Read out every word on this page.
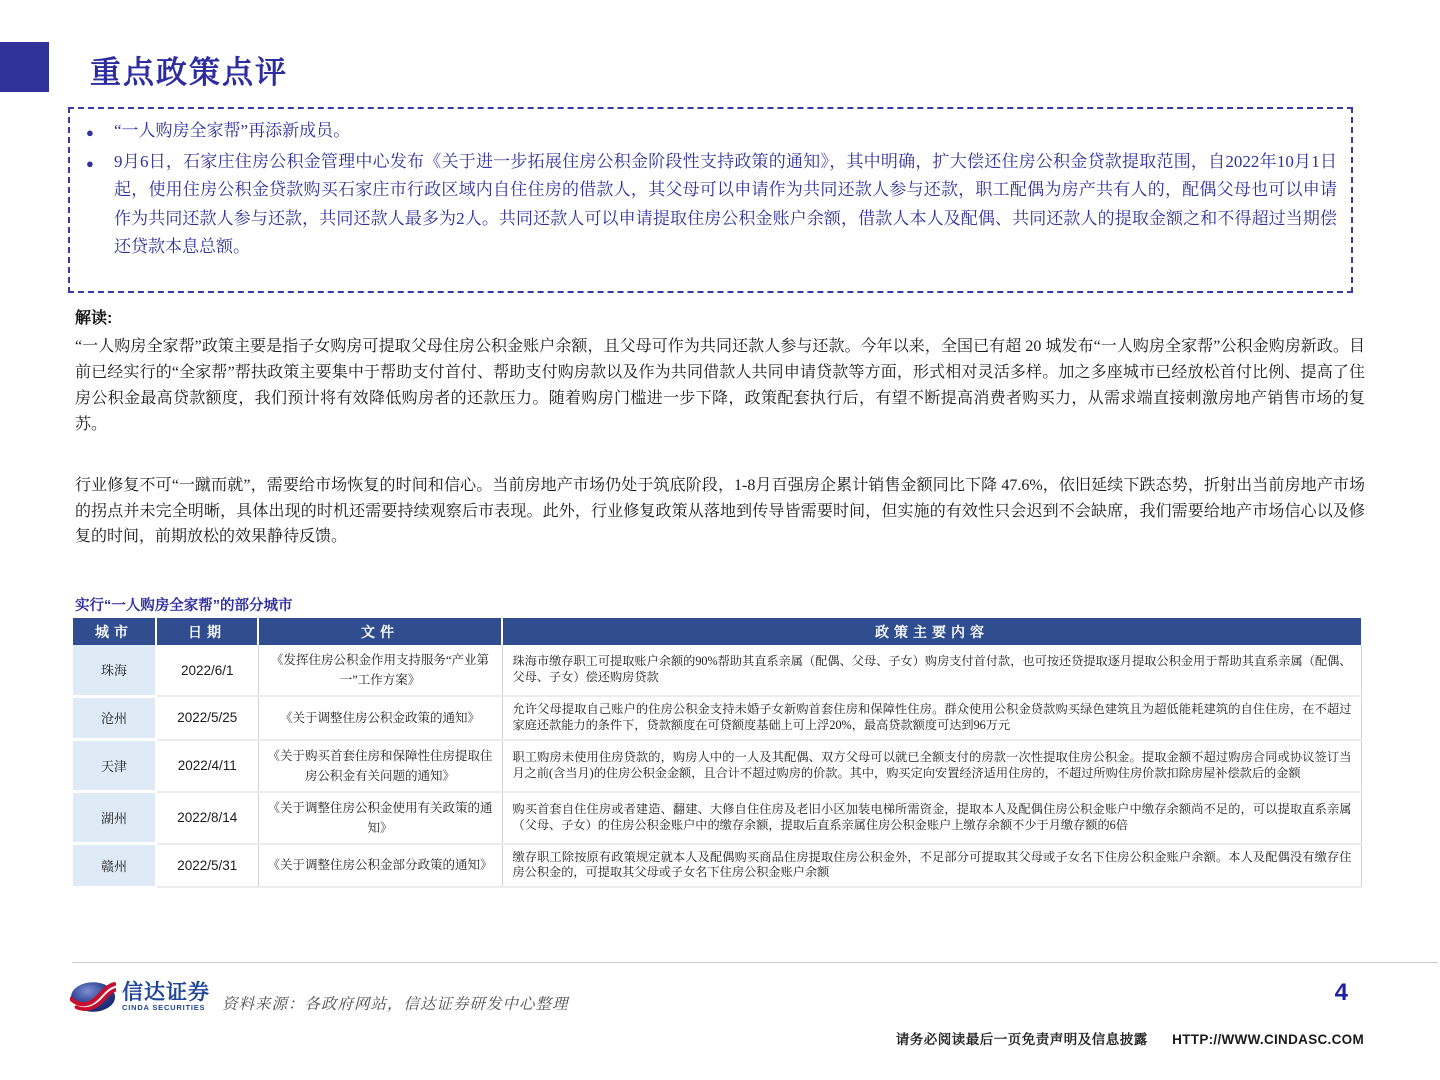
重点政策点评
●	“一人购房全家帮”再添新成员。
●	9月6日，石家庄住房公积金管理中心发布《关于进一步拓展住房公积金阶段性支持政策的通知》，其中明确，扩大偿还住房公积金贷款提取范围，自2022年10月1日起，使用住房公积金贷款购买石家庄市行政区域内自住住房的借款人，其父母可以申请作为共同还款人参与还款，职工配偶为房产共有人的，配偶父母也可以申请作为共同还款人参与还款，共同还款人最多为2人。共同还款人可以申请提取住房公积金账户余额，借款人本人及配偶、共同还款人的提取金额之和不得超过当期偿还贷款本息总额。
解读:
“一人购房全家帮”政策主要是指子女购房可提取父母住房公积金账户余额，且父母可作为共同还款人参与还款。今年以来，全国已有超 20 城发布“一人购房全家帮”公积金购房新政。目前已经实行的“全家帮”帮扶政策主要集中于帮助支付首付、帮助支付购房款以及作为共同借款人共同申请贷款等方面，形式相对灵活多样。加之多座城市已经放松首付比例、提高了住房公积金最高贷款额度，我们预计将有效降低购房者的还款压力。随着购房门槛进一步下降，政策配套执行后，有望不断提高消费者购买力，从需求端直接刺激房地产销售市场的复苏。
行业修复不可“一蹴而就”，需要给市场恢复的时间和信心。当前房地产市场仍处于筑底阶段，1-8月百强房企累计销售金额同比下降 47.6%，依旧延续下跌态势，折射出当前房地产市场的拐点并未完全明晰，具体出现的时机还需要持续观察后市表现。此外，行业修复政策从落地到传导皆需要时间，但实施的有效性只会迟到不会缺席，我们需要给地产市场信心以及修复的时间，前期放松的效果静待反馈。
实行“一人购房全家帮”的部分城市
城市	日期	文件	政策主要内容
珠海	2022/6/1	《发挥住房公积金作用支持服务“产业第一”工作方案》	珠海市缴存职工可提取账户余额的90%帮助其直系亲属（配偶、父母、子女）购房支付首付款，也可按还贷提取逐月提取公积金用于帮助其直系亲属（配偶、父母、子女）偿还购房贷款
沧州	2022/5/25	《关于调整住房公积金政策的通知》	允许父母提取自己账户的住房公积金支持未婚子女新购首套住房和保障性住房。群众使用公积金贷款购买绿色建筑且为超低能耗建筑的自住住房，在不超过家庭还款能力的条件下，贷款额度在可贷额度基础上可上浮20%，最高贷款额度可达到96万元
天津	2022/4/11	《关于购买首套住房和保障性住房提取住房公积金有关问题的通知》	职工购房未使用住房贷款的，购房人中的一人及其配偶、双方父母可以就已全额支付的房款一次性提取住房公积金。提取金额不超过购房合同或协议签订当月之前(含当月)的住房公积金金额，且合计不超过购房的价款。其中，购买定向安置经济适用住房的，不超过所购住房价款扣除房屋补偿款后的金额
湖州	2022/8/14	《关于调整住房公积金使用有关政策的通知》	购买首套自住住房或者建造、翻建、大修自住住房及老旧小区加装电梯所需资金，提取本人及配偶住房公积金账户中缴存余额尚不足的，可以提取直系亲属（父母、子女）的住房公积金账户中的缴存余额，提取后直系亲属住房公积金账户上缴存余额不少于月缴存额的6倍
赣州	2022/5/31	《关于调整住房公积金部分政策的通知》	缴存职工除按原有政策规定就本人及配偶购买商品住房提取住房公积金外，不足部分可提取其父母或子女名下住房公积金账户余额。本人及配偶没有缴存住房公积金的，可提取其父母或子女名下住房公积金账户余额
信达证券
CINDA SECURITIES	资料来源：各政府网站，信达证券研发中心整理	4
请务必阅读最后一页免责声明及信息披露 HTTP://WWW.CINDASC.COM
